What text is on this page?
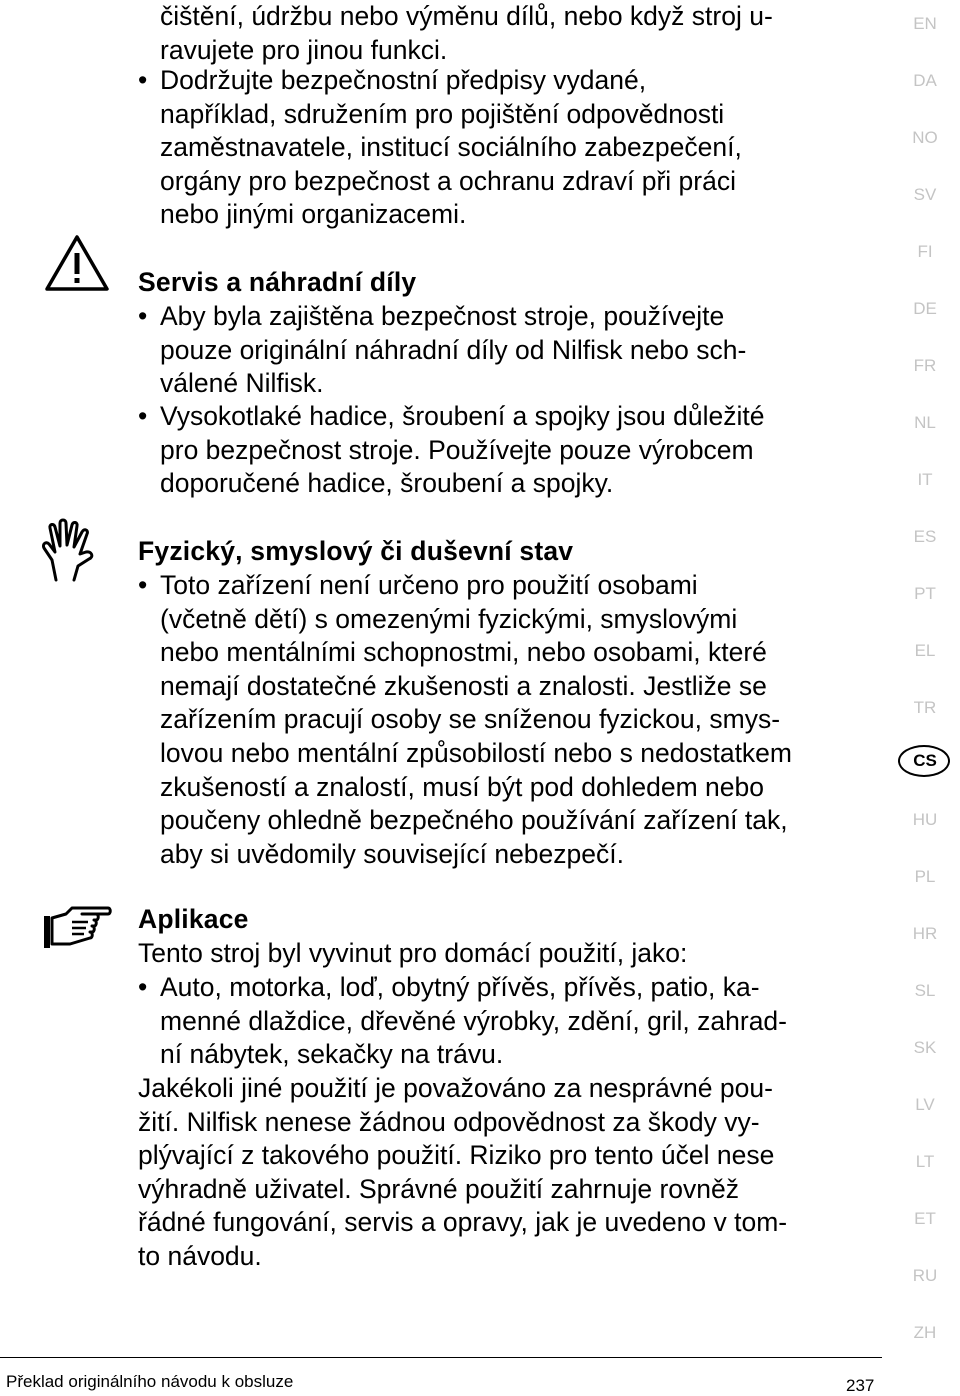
čištění, údržbu nebo výměnu dílů, nebo když stroj u-
ravujete pro jinou funkci.
• Dodržujte bezpečnostní předpisy vydané,
například, sdružením pro pojištění odpovědnosti
zaměstnavatele, institucí sociálního zabezpečení,
orgány pro bezpečnost a ochranu zdraví při práci
nebo jinými organizacemi.
Servis a náhradní díly
• Aby byla zajištěna bezpečnost stroje, používejte
pouze originální náhradní díly od Nilfisk nebo sch-
válené Nilfisk.
• Vysokotlaké hadice, šroubení a spojky jsou důležité
pro bezpečnost stroje. Používejte pouze výrobcem
doporučené hadice, šroubení a spojky.
Fyzický, smyslový či duševní stav
• Toto zařízení není určeno pro použití osobami
(včetně dětí) s omezenými fyzickými, smyslovými
nebo mentálními schopnostmi, nebo osobami, které
nemají dostatečné zkušenosti a znalosti. Jestliže se
zařízením pracují osoby se sníženou fyzickou, smys-
lovou nebo mentální způsobilostí nebo s nedostatkem
zkušeností a znalostí, musí být pod dohledem nebo
poučeny ohledně bezpečného používání zařízení tak,
aby si uvědomily související nebezpečí.
Aplikace
Tento stroj byl vyvinut pro domácí použití, jako:
• Auto, motorka, loď, obytný přívěs, přívěs, patio, ka-
menné dlaždice, dřevěné výrobky, zdění, gril, zahrad-
ní nábytek, sekačky na trávu.
Jakékoli jiné použití je považováno za nesprávné pou-
žití. Nilfisk nenese žádnou odpovědnost za škody vy-
plývající z takového použití. Riziko pro tento účel nese
výhradně uživatel. Správné použití zahrnuje rovněž
řádné fungování, servis a opravy, jak je uvedeno v tom-
to návodu.
EN
DA
NO
SV
FI
DE
FR
NL
IT
ES
PT
EL
TR
CS
HU
PL
HR
SL
SK
LV
LT
ET
RU
ZH
Překlad originálního návodu k obsluze	237
